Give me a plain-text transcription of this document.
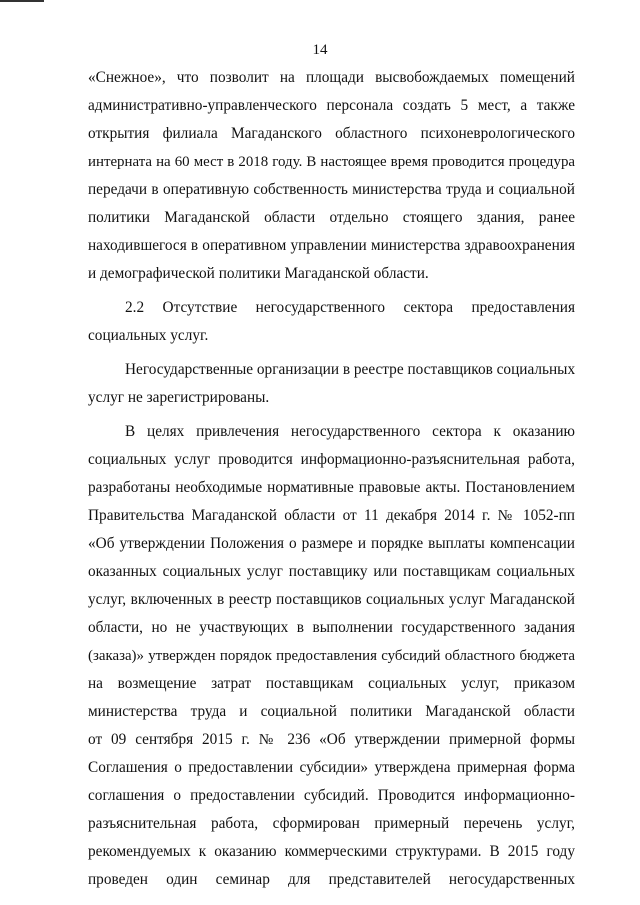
14
«Снежное», что позволит на площади высвобождаемых помещений
административно-управленческого персонала создать 5 мест, а также
открытия филиала Магаданского областного психоневрологического
интерната на 60 мест в 2018 году. В настоящее время проводится процедура
передачи в оперативную собственность министерства труда и социальной
политики Магаданской области отдельно стоящего здания, ранее
находившегося в оперативном управлении министерства здравоохранения
и демографической политики Магаданской области.
2.2 Отсутствие негосударственного сектора предоставления
социальных услуг.
Негосударственные организации в реестре поставщиков социальных
услуг не зарегистрированы.
В целях привлечения негосударственного сектора к оказанию
социальных услуг проводится информационно-разъяснительная работа,
разработаны необходимые нормативные правовые акты. Постановлением
Правительства Магаданской области от 11 декабря 2014 г. № 1052-пп
«Об утверждении Положения о размере и порядке выплаты компенсации
оказанных социальных услуг поставщику или поставщикам социальных
услуг, включенных в реестр поставщиков социальных услуг Магаданской
области, но не участвующих в выполнении государственного задания
(заказа)» утвержден порядок предоставления субсидий областного бюджета
на возмещение затрат поставщикам социальных услуг, приказом
министерства труда и социальной политики Магаданской области
от 09 сентября 2015 г. № 236 «Об утверждении примерной формы
Соглашения о предоставлении субсидии» утверждена примерная форма
соглашения о предоставлении субсидий. Проводится информационно-
разъяснительная работа, сформирован примерный перечень услуг,
рекомендуемых к оказанию коммерческими структурами. В 2015 году
проведен один семинар для представителей негосударственных
